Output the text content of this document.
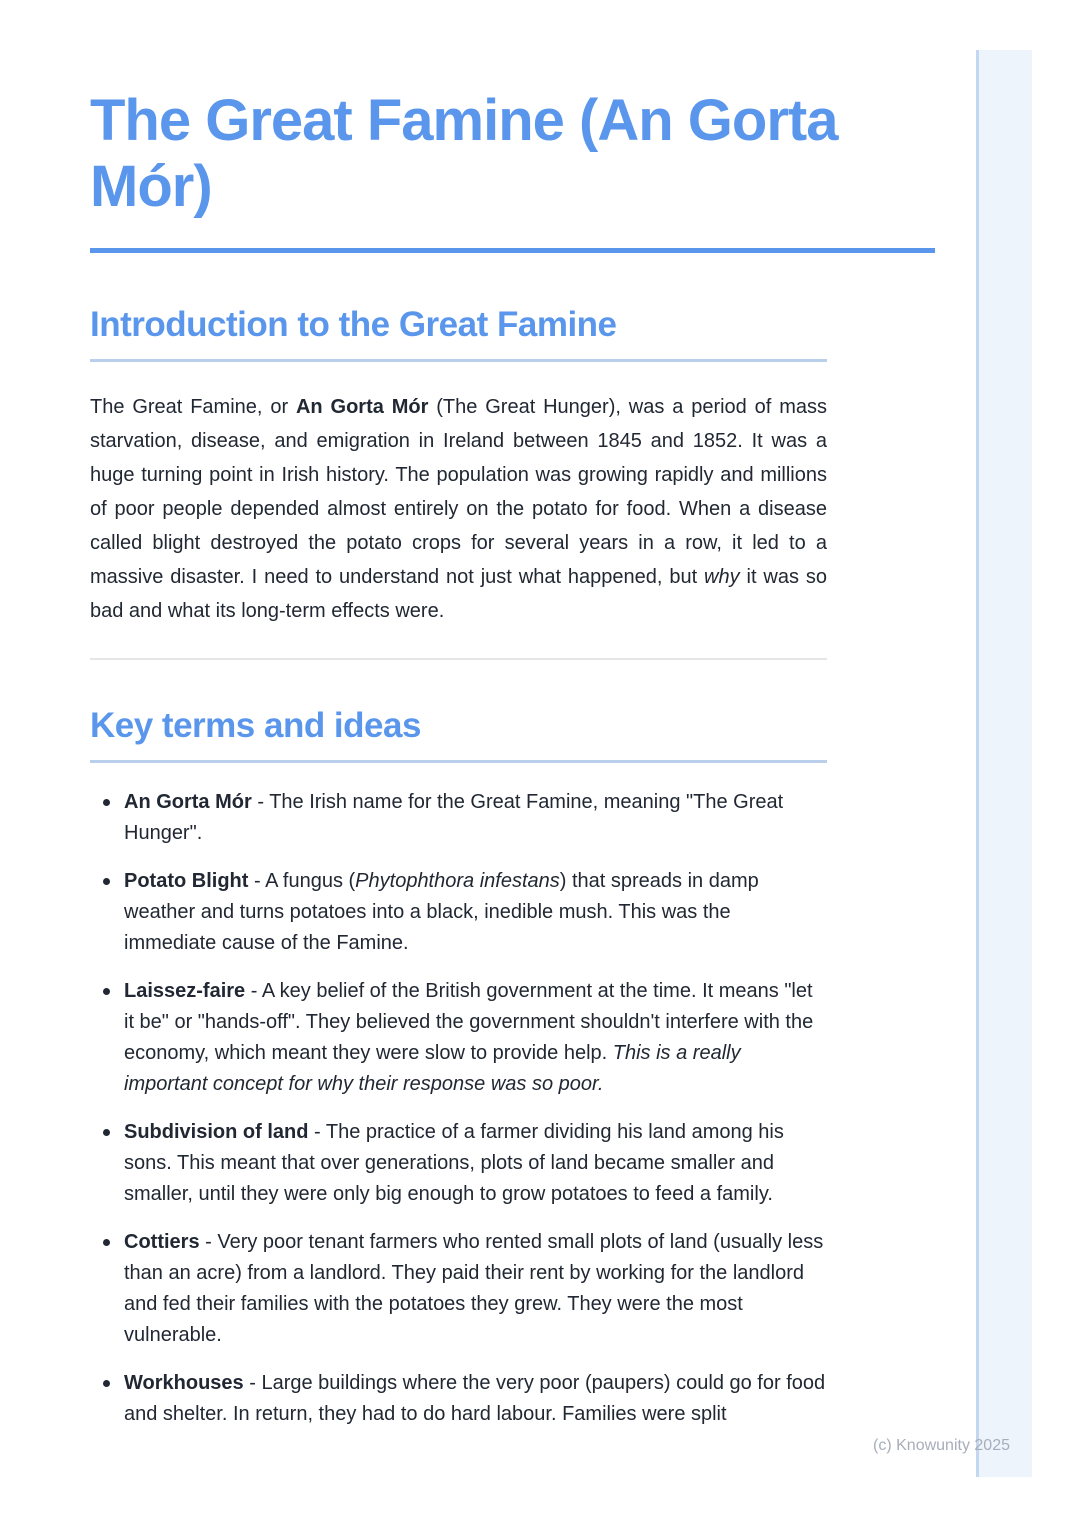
The Great Famine (An Gorta Mór)
Introduction to the Great Famine

The Great Famine, or An Gorta Mór (The Great Hunger), was a period of mass starvation, disease, and emigration in Ireland between 1845 and 1852. It was a huge turning point in Irish history. The population was growing rapidly and millions of poor people depended almost entirely on the potato for food. When a disease called blight destroyed the potato crops for several years in a row, it led to a massive disaster. I need to understand not just what happened, but why it was so bad and what its long-term effects were.

Key terms and ideas
An Gorta Mór - The Irish name for the Great Famine, meaning "The Great Hunger".
Potato Blight - A fungus (Phytophthora infestans) that spreads in damp weather and turns potatoes into a black, inedible mush. This was the immediate cause of the Famine.
Laissez-faire - A key belief of the British government at the time. It means "let it be" or "hands-off". They believed the government shouldn't interfere with the economy, which meant they were slow to provide help. This is a really important concept for why their response was so poor.
Subdivision of land - The practice of a farmer dividing his land among his sons. This meant that over generations, plots of land became smaller and smaller, until they were only big enough to grow potatoes to feed a family.
Cottiers - Very poor tenant farmers who rented small plots of land (usually less than an acre) from a landlord. They paid their rent by working for the landlord and fed their families with the potatoes they grew. They were the most vulnerable.
Workhouses - Large buildings where the very poor (paupers) could go for food and shelter. In return, they had to do hard labour. Families were split
(c) Knowunity 2025
